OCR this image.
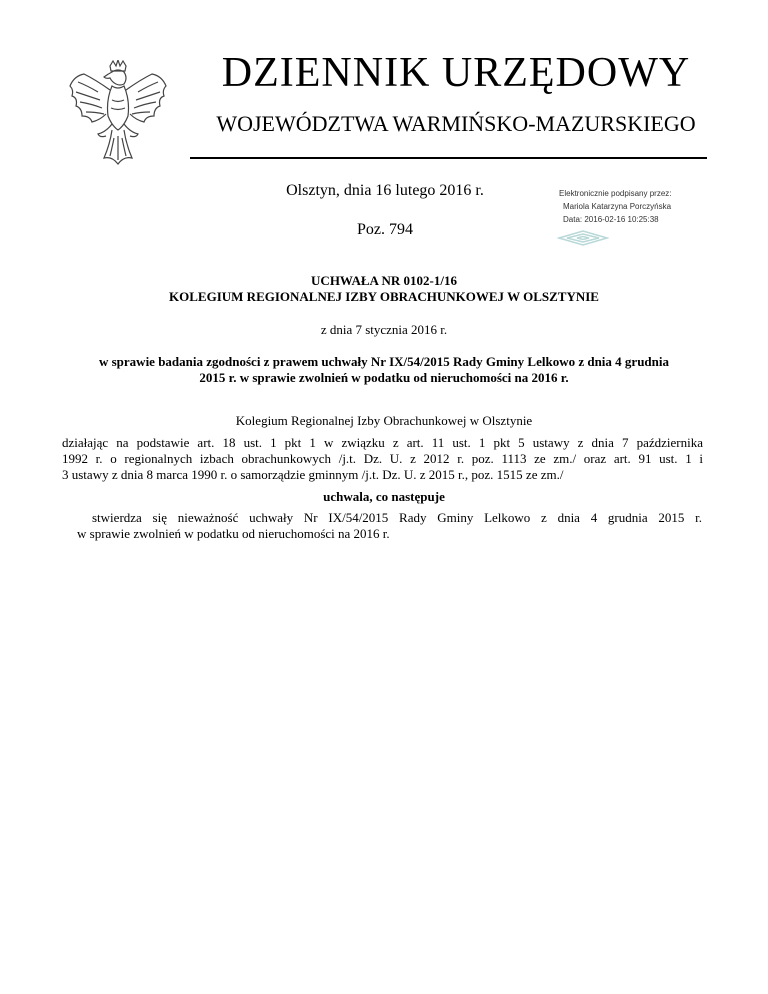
DZIENNIK URZĘDOWY
WOJEWÓDZTWA WARMIŃSKO-MAZURSKIEGO
Olsztyn, dnia 16 lutego 2016 r.
Poz. 794
Elektronicznie podpisany przez:
Mariola Katarzyna Porczyńska
Data: 2016-02-16 10:25:38
UCHWAŁA NR 0102-1/16
KOLEGIUM REGIONALNEJ IZBY OBRACHUNKOWEJ W OLSZTYNIE
z dnia 7 stycznia 2016 r.
w sprawie badania zgodności z prawem uchwały Nr IX/54/2015 Rady Gminy Lelkowo z dnia 4 grudnia
2015 r. w sprawie zwolnień w podatku od nieruchomości na 2016 r.
Kolegium Regionalnej Izby Obrachunkowej w Olsztynie
działając na podstawie art. 18 ust. 1 pkt 1 w związku z art. 11 ust. 1 pkt 5 ustawy z dnia 7 października
1992 r. o regionalnych izbach obrachunkowych /j.t. Dz. U. z 2012 r. poz. 1113 ze zm./ oraz art. 91 ust. 1 i
3 ustawy z dnia 8 marca 1990 r. o samorządzie gminnym /j.t. Dz. U. z 2015 r., poz. 1515 ze zm./
uchwala, co następuje
stwierdza się nieważność uchwały Nr IX/54/2015 Rady Gminy Lelkowo z dnia 4 grudnia 2015 r.
w sprawie zwolnień w podatku od nieruchomości na 2016 r.
